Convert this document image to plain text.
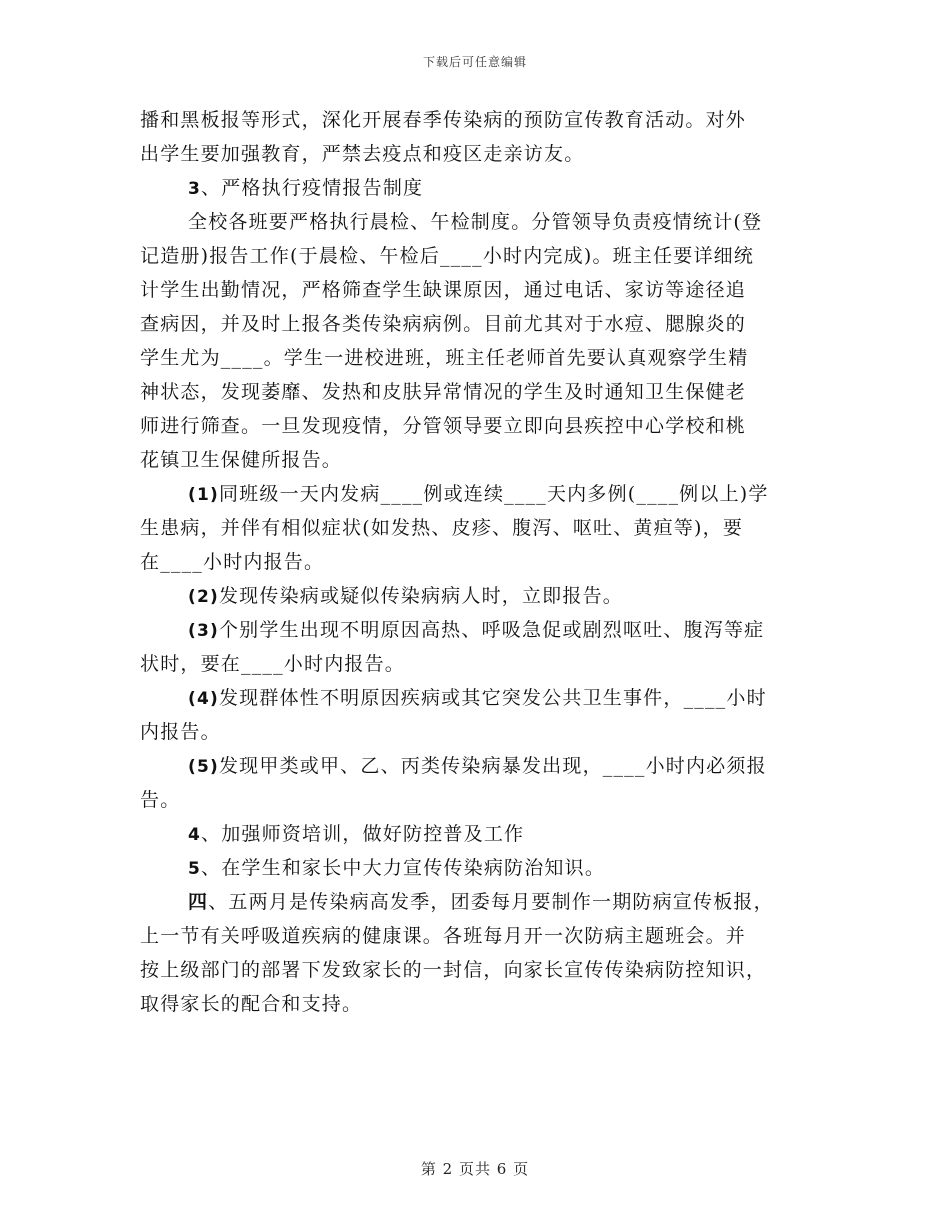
下载后可任意编辑
播和黑板报等形式，深化开展春季传染病的预防宣传教育活动。对外
出学生要加强教育，严禁去疫点和疫区走亲访友。
3、严格执行疫情报告制度
全校各班要严格执行晨检、午检制度。分管领导负责疫情统计(登
记造册)报告工作(于晨检、午检后____小时内完成)。班主任要详细统
计学生出勤情况，严格筛查学生缺课原因，通过电话、家访等途径追
查病因，并及时上报各类传染病病例。目前尤其对于水痘、腮腺炎的
学生尤为____。学生一进校进班，班主任老师首先要认真观察学生精
神状态，发现萎靡、发热和皮肤异常情况的学生及时通知卫生保健老
师进行筛查。一旦发现疫情，分管领导要立即向县疾控中心学校和桃
花镇卫生保健所报告。
(1)同班级一天内发病____例或连续____天内多例(____例以上)学
生患病，并伴有相似症状(如发热、皮疹、腹泻、呕吐、黄疸等)，要
在____小时内报告。
(2)发现传染病或疑似传染病病人时，立即报告。
(3)个别学生出现不明原因高热、呼吸急促或剧烈呕吐、腹泻等症
状时，要在____小时内报告。
(4)发现群体性不明原因疾病或其它突发公共卫生事件，____小时
内报告。
(5)发现甲类或甲、乙、丙类传染病暴发出现，____小时内必须报
告。
4、加强师资培训，做好防控普及工作
5、在学生和家长中大力宣传传染病防治知识。
四、五两月是传染病高发季，团委每月要制作一期防病宣传板报，
上一节有关呼吸道疾病的健康课。各班每月开一次防病主题班会。并
按上级部门的部署下发致家长的一封信，向家长宣传传染病防控知识，
取得家长的配合和支持。
第 2 页共 6 页
